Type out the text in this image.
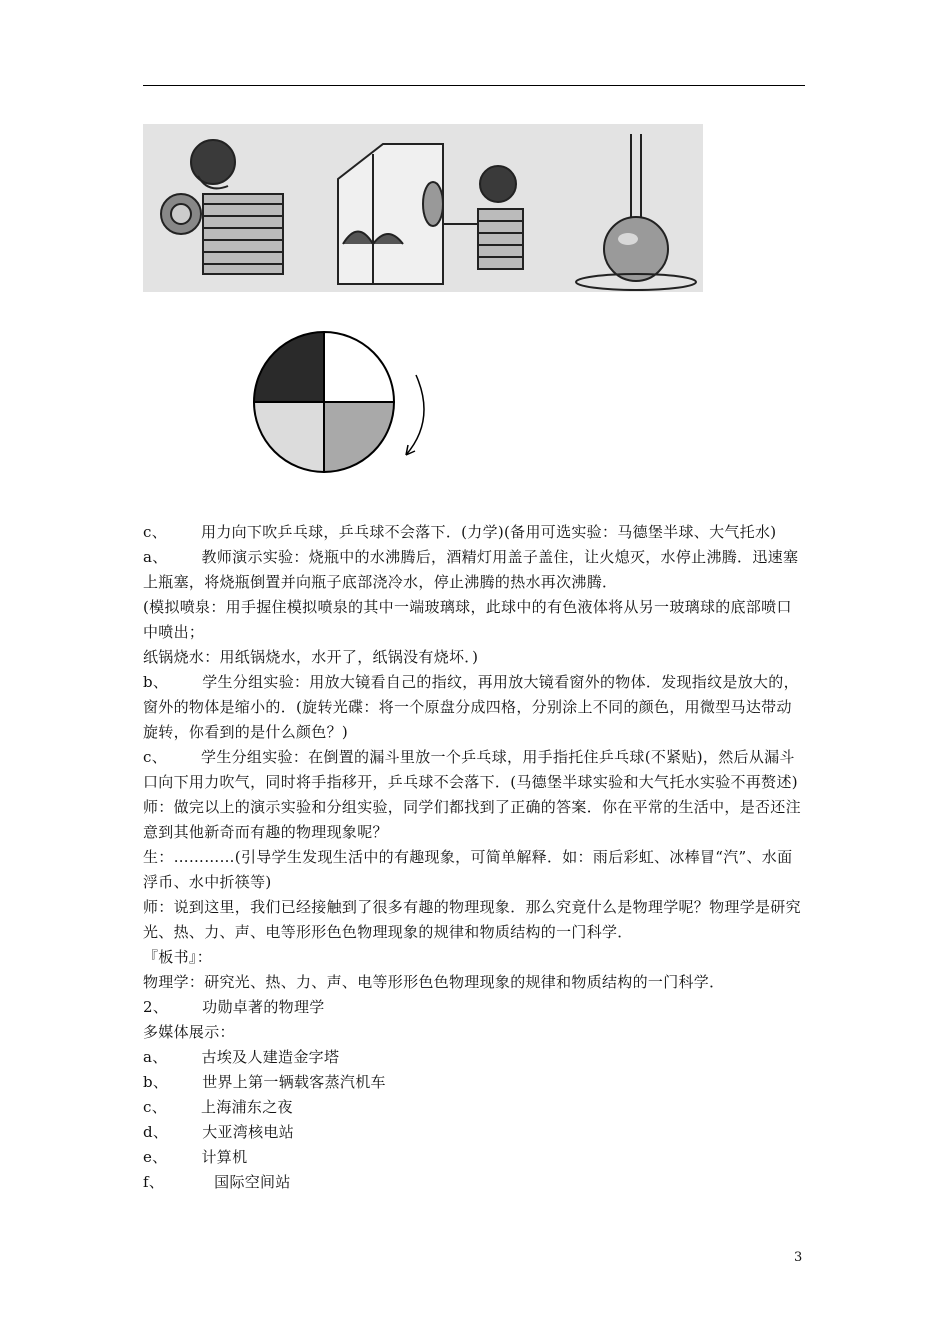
c、 用力向下吹乒乓球，乒乓球不会落下．(力学)(备用可选实验：马德堡半球、大气托水)

a、 教师演示实验：烧瓶中的水沸腾后，酒精灯用盖子盖住，让火熄灭，水停止沸腾．迅速塞上瓶塞，将烧瓶倒置并向瓶子底部浇冷水，停止沸腾的热水再次沸腾．

(模拟喷泉：用手握住模拟喷泉的其中一端玻璃球，此球中的有色液体将从另一玻璃球的底部喷口中喷出；

纸锅烧水：用纸锅烧水，水开了，纸锅没有烧坏．)

b、 学生分组实验：用放大镜看自己的指纹，再用放大镜看窗外的物体．发现指纹是放大的，窗外的物体是缩小的．(旋转光碟：将一个原盘分成四格，分别涂上不同的颜色，用微型马达带动旋转，你看到的是什么颜色？)

c、 学生分组实验：在倒置的漏斗里放一个乒乓球，用手指托住乒乓球(不紧贴)，然后从漏斗口向下用力吹气，同时将手指移开，乒乓球不会落下．(马德堡半球实验和大气托水实验不再赘述)

师：做完以上的演示实验和分组实验，同学们都找到了正确的答案．你在平常的生活中，是否还注意到其他新奇而有趣的物理现象呢？

生：…………(引导学生发现生活中的有趣现象，可简单解释．如：雨后彩虹、冰棒冒“汽”、水面浮币、水中折筷等)

师：说到这里，我们已经接触到了很多有趣的物理现象．那么究竟什么是物理学呢？物理学是研究光、热、力、声、电等形形色色物理现象的规律和物质结构的一门科学．

『板书』：

物理学：研究光、热、力、声、电等形形色色物理现象的规律和物质结构的一门科学．

2、 功勋卓著的物理学

多媒体展示：

a、 古埃及人建造金字塔

b、 世界上第一辆载客蒸汽机车

c、 上海浦东之夜

d、 大亚湾核电站

e、 计算机

f、	国际空间站

3
